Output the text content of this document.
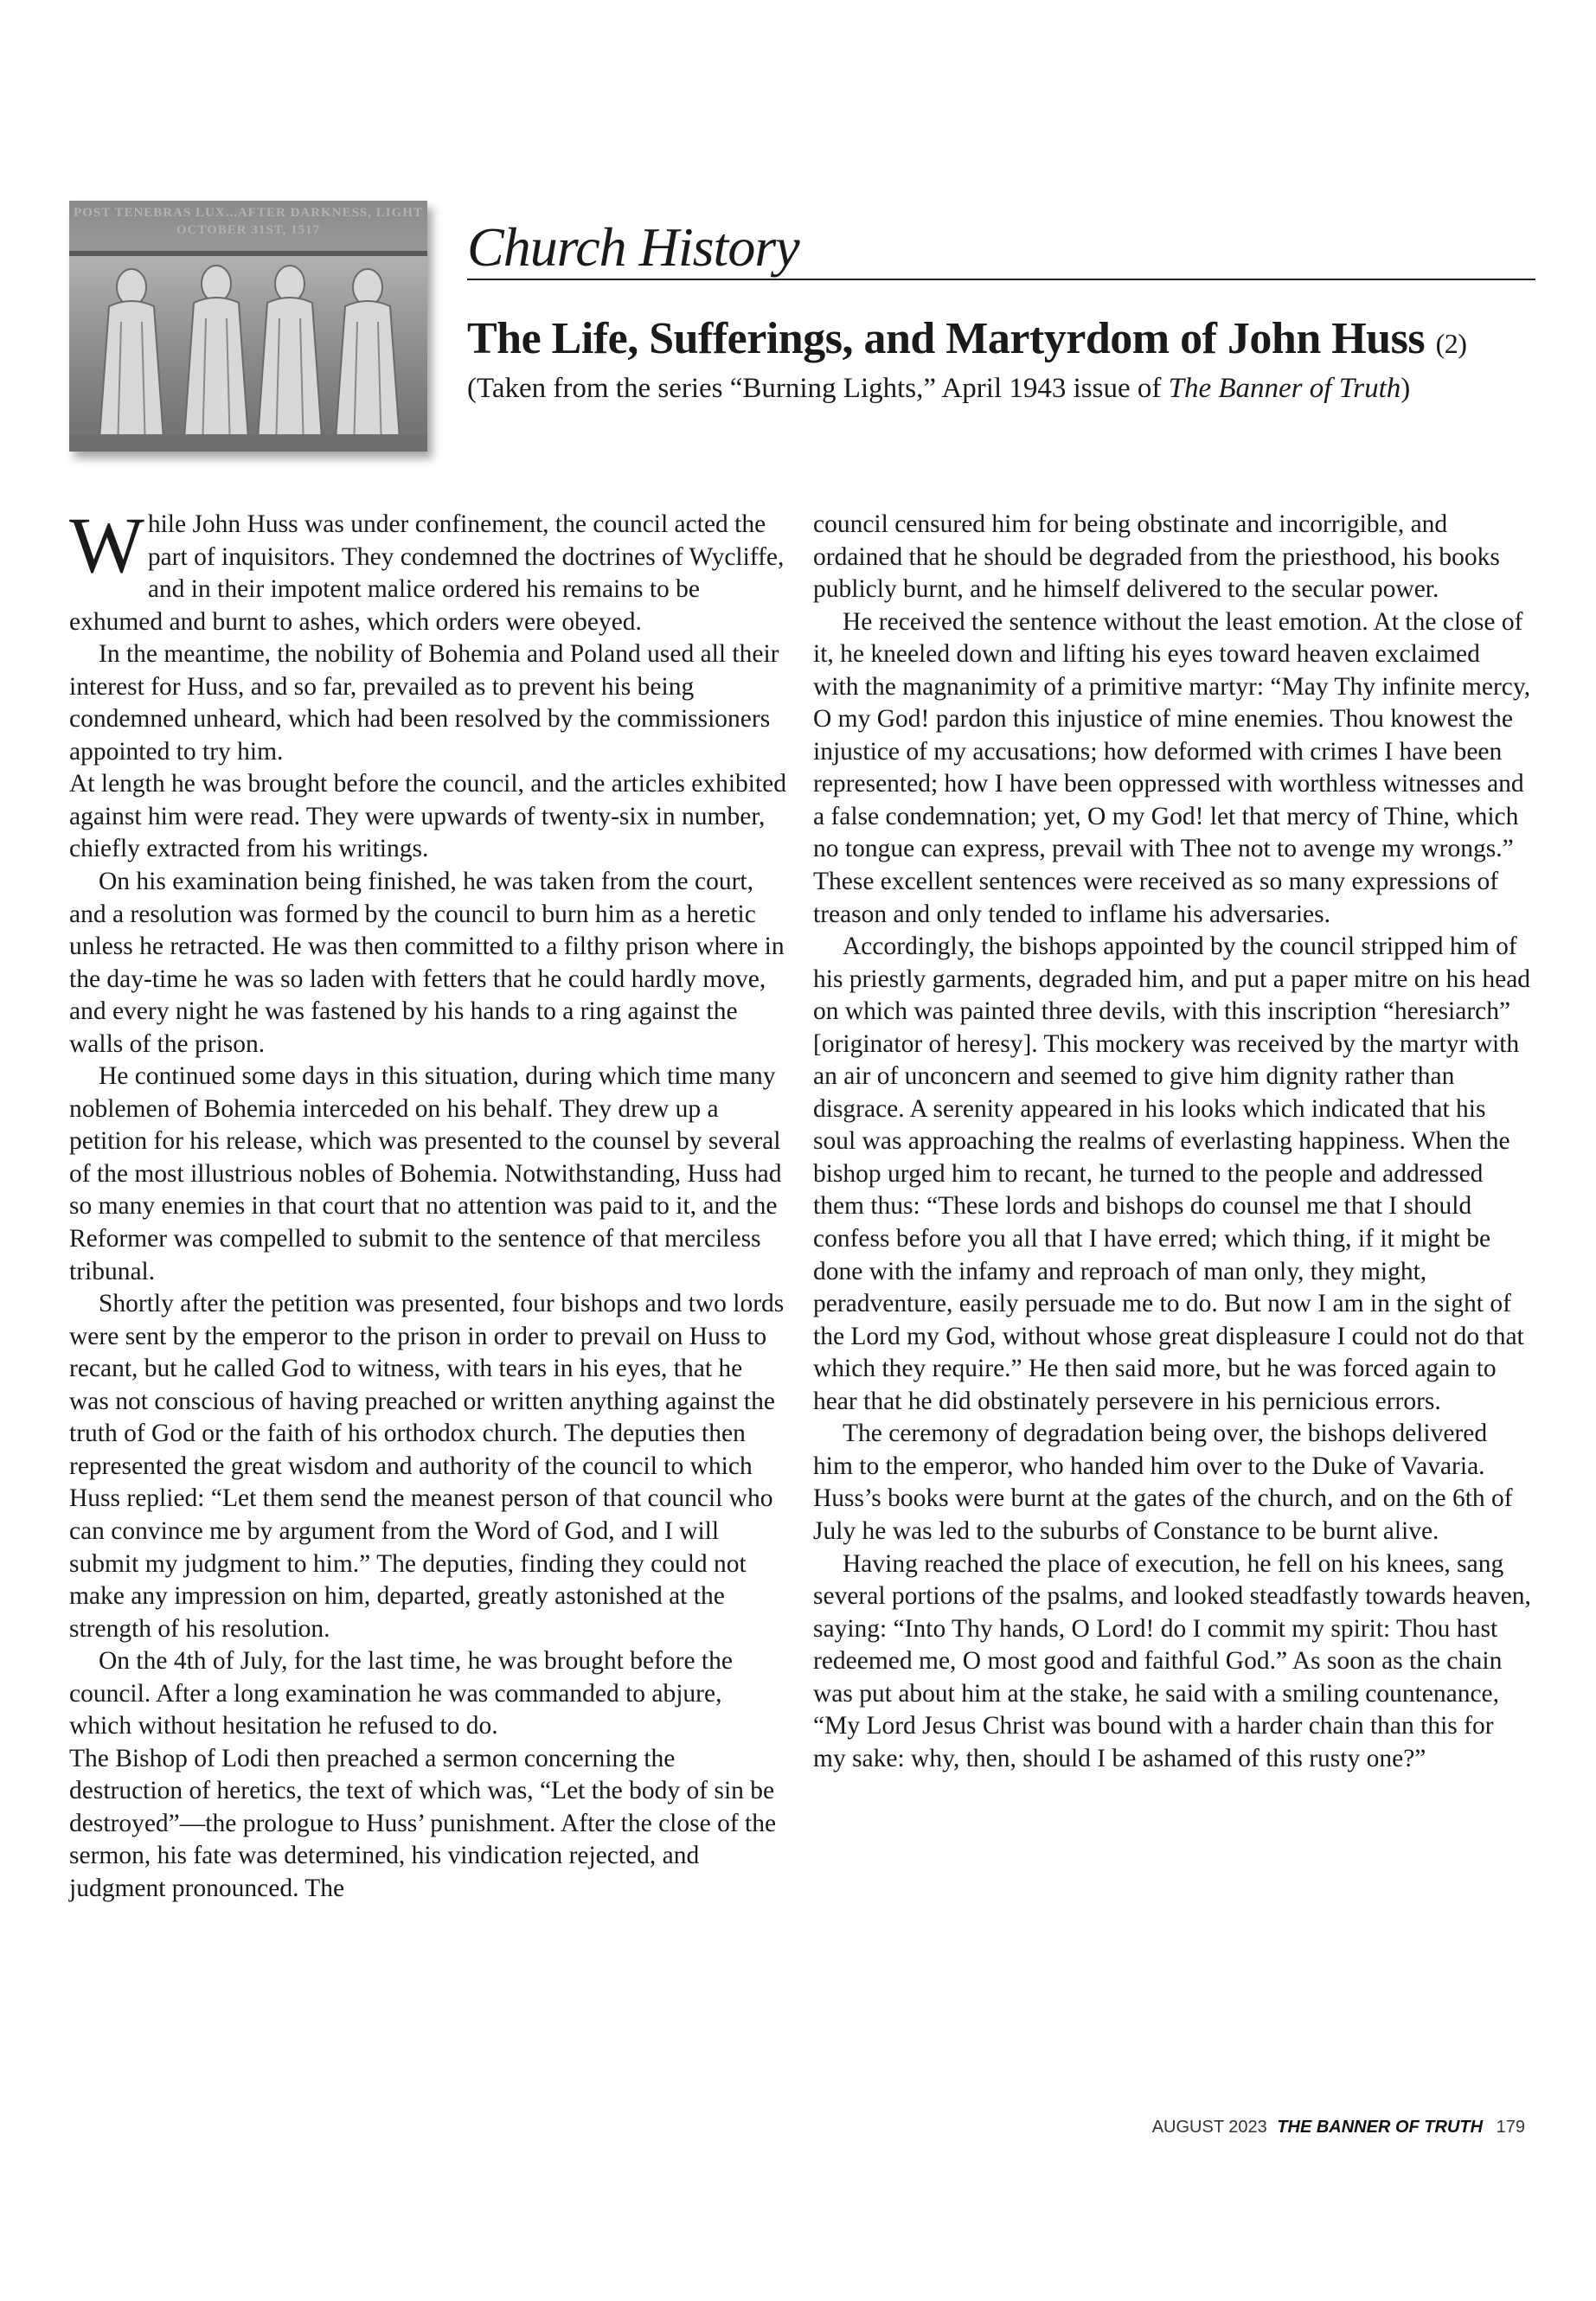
Church History
The Life, Sufferings, and Martyrdom of John Huss (2)
(Taken from the series “Burning Lights,” April 1943 issue of The Banner of Truth)

While John Huss was under confinement, the council acted the part of inquisitors. They condemned the doctrines of Wycliffe, and in their impotent malice ordered his remains to be exhumed and burnt to ashes, which orders were obeyed.

In the meantime, the nobility of Bohemia and Poland used all their interest for Huss, and so far, prevailed as to prevent his being condemned unheard, which had been resolved by the commissioners appointed to try him.

At length he was brought before the council, and the articles exhibited against him were read. They were upwards of twenty-six in number, chiefly extracted from his writings.

On his examination being finished, he was taken from the court, and a resolution was formed by the council to burn him as a heretic unless he retracted. He was then committed to a filthy prison where in the day-time he was so laden with fetters that he could hardly move, and every night he was fastened by his hands to a ring against the walls of the prison.

He continued some days in this situation, during which time many noblemen of Bohemia interceded on his behalf. They drew up a petition for his release, which was presented to the counsel by several of the most illustrious nobles of Bohemia. Notwithstanding, Huss had so many enemies in that court that no attention was paid to it, and the Reformer was compelled to submit to the sentence of that merciless tribunal.

Shortly after the petition was presented, four bishops and two lords were sent by the emperor to the prison in order to prevail on Huss to recant, but he called God to witness, with tears in his eyes, that he was not conscious of having preached or written anything against the truth of God or the faith of his orthodox church. The deputies then represented the great wisdom and authority of the council to which Huss replied: “Let them send the meanest person of that council who can convince me by argument from the Word of God, and I will submit my judgment to him.” The deputies, finding they could not make any impression on him, departed, greatly astonished at the strength of his resolution.

On the 4th of July, for the last time, he was brought before the council. After a long examination he was commanded to abjure, which without hesitation he refused to do.

The Bishop of Lodi then preached a sermon concerning the destruction of heretics, the text of which was, “Let the body of sin be destroyed”—the prologue to Huss’ punishment. After the close of the sermon, his fate was determined, his vindication rejected, and judgment pronounced. The

council censured him for being obstinate and incorrigible, and ordained that he should be degraded from the priesthood, his books publicly burnt, and he himself delivered to the secular power.

He received the sentence without the least emotion. At the close of it, he kneeled down and lifting his eyes toward heaven exclaimed with the magnanimity of a primitive martyr: “May Thy infinite mercy, O my God! pardon this injustice of mine enemies. Thou knowest the injustice of my accusations; how deformed with crimes I have been represented; how I have been oppressed with worthless witnesses and a false condemnation; yet, O my God! let that mercy of Thine, which no tongue can express, prevail with Thee not to avenge my wrongs.” These excellent sentences were received as so many expressions of treason and only tended to inflame his adversaries.

Accordingly, the bishops appointed by the council stripped him of his priestly garments, degraded him, and put a paper mitre on his head on which was painted three devils, with this inscription “heresiarch” [originator of heresy]. This mockery was received by the martyr with an air of unconcern and seemed to give him dignity rather than disgrace. A serenity appeared in his looks which indicated that his soul was approaching the realms of everlasting happiness. When the bishop urged him to recant, he turned to the people and addressed them thus: “These lords and bishops do counsel me that I should confess before you all that I have erred; which thing, if it might be done with the infamy and reproach of man only, they might, peradventure, easily persuade me to do. But now I am in the sight of the Lord my God, without whose great displeasure I could not do that which they require.” He then said more, but he was forced again to hear that he did obstinately persevere in his pernicious errors.

The ceremony of degradation being over, the bishops delivered him to the emperor, who handed him over to the Duke of Vavaria. Huss’s books were burnt at the gates of the church, and on the 6th of July he was led to the suburbs of Constance to be burnt alive.

Having reached the place of execution, he fell on his knees, sang several portions of the psalms, and looked steadfastly towards heaven, saying: “Into Thy hands, O Lord! do I commit my spirit: Thou hast redeemed me, O most good and faithful God.” As soon as the chain was put about him at the stake, he said with a smiling countenance, “My Lord Jesus Christ was bound with a harder chain than this for my sake: why, then, should I be ashamed of this rusty one?”

AUGUST 2023 THE BANNER OF TRUTH 179
